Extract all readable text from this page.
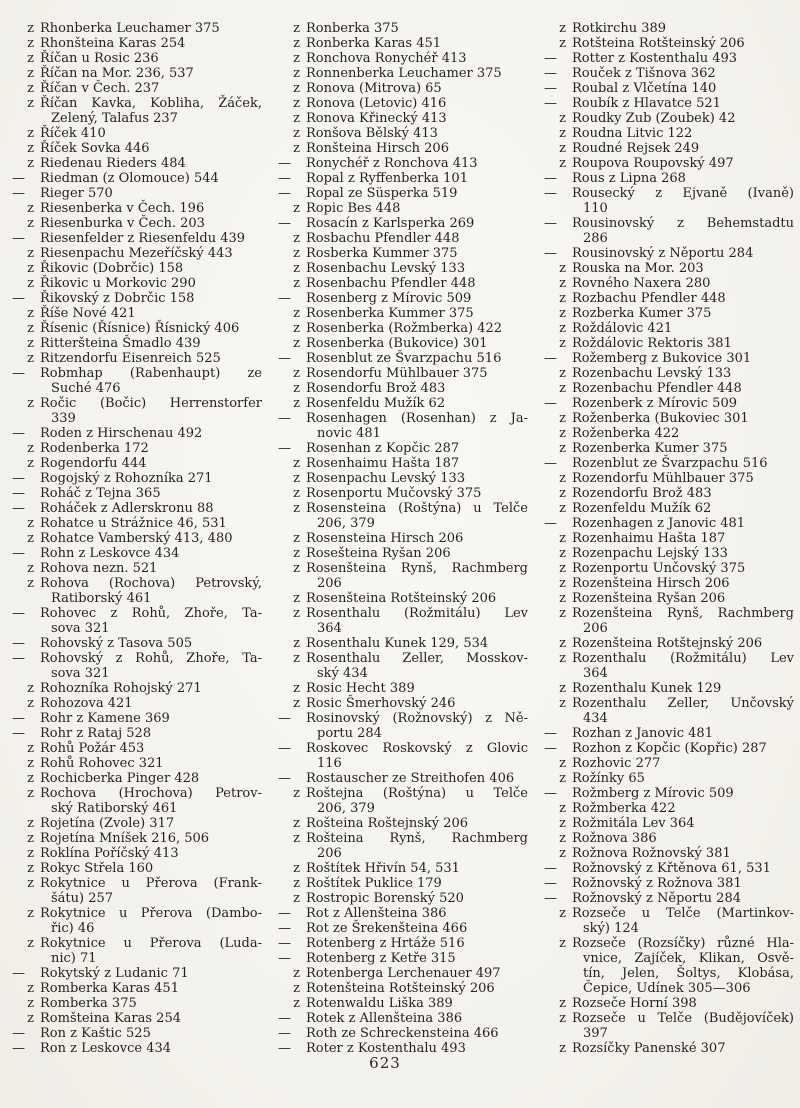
z Rhonberka Leuchamer 375
z Rhonšteina Karas 254
z Říčan u Rosic 236
z Říčan na Mor. 236, 537
z Říčan v Čech. 237
z Říčan Kavka, Kobliha, Žáček,
Zelený, Talafus 237
z Říček 410
z Říček Sovka 446
z Riedenau Rieders 484
—	Riedman (z Olomouce) 544
—	Rieger 570
z Riesenberka v Čech. 196
z Riesenburka v Čech. 203
—	Riesenfelder z Riesenfeldu 439
z Riesenpachu Mezeříčský 443
z Řikovic (Dobrčic) 158
z Řikovic u Morkovic 290
—	Řikovský z Dobrčic 158
z Říše Nové 421
z Řísenic (Řísnice) Řísnický 406
z Ritteršteina Šmadlo 439
z Ritzendorfu Eisenreich 525
—	Robmhap (Rabenhaupt) ze
Suché 476
z Ročic (Bočic) Herrenstorfer
339
—	Roden z Hirschenau 492
z Rodenberka 172
z Rogendorfu 444
—	Rogojský z Rohozníka 271
—	Roháč z Tejna 365
—	Roháček z Adlerskronu 88
z Rohatce u Strážnice 46, 531
z Rohatce Vamberský 413, 480
—	Rohn z Leskovce 434
z Rohova nezn. 521
z Rohova (Rochova) Petrovský,
Ratiborský 461
—	Rohovec z Rohů, Zhoře, Ta-
sova 321
—	Rohovský z Tasova 505
—	Rohovský z Rohů, Zhoře, Ta-
sova 321
z Rohozníka Rohojský 271
z Rohozova 421
—	Rohr z Kamene 369
—	Rohr z Rataj 528
z Rohů Požár 453
z Rohů Rohovec 321
z Rochicberka Pinger 428
z Rochova (Hrochova) Petrov-
ský Ratiborský 461
z Rojetína (Zvole) 317
z Rojetína Mníšek 216, 506
z Roklína Poříčský 413
z Rokyc Střela 160
z Rokytnice u Přerova (Frank-
šátu) 257
z Rokytnice u Přerova (Dambo-
řic) 46
z Rokytnice u Přerova (Luda-
nic) 71
—	Rokytský z Ludanic 71
z Romberka Karas 451
z Romberka 375
z Romšteina Karas 254
—	Ron z Kaštic 525
—	Ron z Leskovce 434
z Ronberka 375
z Ronberka Karas 451
z Ronchova Ronychéř 413
z Ronnenberka Leuchamer 375
z Ronova (Mitrova) 65
z Ronova (Letovic) 416
z Ronova Křinecký 413
z Ronšova Bělský 413
z Ronšteina Hirsch 206
—	Ronychéř z Ronchova 413
—	Ropal z Ryffenberka 101
—	Ropal ze Süsperka 519
z Ropic Bes 448
—	Rosacín z Karlsperka 269
z Rosbachu Pfendler 448
z Rosberka Kummer 375
z Rosenbachu Levský 133
z Rosenbachu Pfendler 448
—	Rosenberg z Mírovic 509
z Rosenberka Kummer 375
z Rosenberka (Rožmberka) 422
z Rosenberka (Bukovice) 301
—	Rosenblut ze Švarzpachu 516
z Rosendorfu Mühlbauer 375
z Rosendorfu Brož 483
z Rosenfeldu Mužík 62
—	Rosenhagen (Rosenhan) z Ja-
novic 481
—	Rosenhan z Kopčic 287
z Rosenhaimu Hašta 187
z Rosenpachu Levský 133
z Rosenportu Mučovský 375
z Rosensteina (Roštýna) u Telče
206, 379
z Rosensteina Hirsch 206
z Rosešteina Ryšan 206
z Rosenšteina Rynš, Rachmberg
206
z Rosenšteina Rotšteinský 206
z Rosenthalu (Rožmitálu) Lev
364
z Rosenthalu Kunek 129, 534
z Rosenthalu Zeller, Mosskov-
ský 434
z Rosic Hecht 389
z Rosic Šmerhovský 246
—	Rosinovský (Rožnovský) z Ně-
portu 284
—	Roskovec Roskovský z Glovic
116
—	Rostauscher ze Streithofen 406
z Roštejna (Roštýna) u Telče
206, 379
z Rošteina Roštejnský 206
z Rošteina Rynš, Rachmberg
206
z Roštítek Hřivín 54, 531
z Roštítek Puklice 179
z Rostropic Borenský 520
—	Rot z Allenšteina 386
—	Rot ze Šrekenšteina 466
—	Rotenberg z Hrtáže 516
—	Rotenberg z Ketře 315
z Rotenberga Lerchenauer 497
z Rotenšteina Rotšteinský 206
z Rotenwaldu Liška 389
—	Rotek z Allenšteina 386
—	Roth ze Schreckensteina 466
—	Roter z Kostenthalu 493
z Rotkirchu 389
z Rotšteina Rotšteinský 206
—	Rotter z Kostenthalu 493
—	Rouček z Tišnova 362
—	Roubal z Vlčetína 140
—	Roubík z Hlavatce 521
z Roudky Zub (Zoubek) 42
z Roudna Litvic 122
z Roudné Rejsek 249
z Roupova Roupovský 497
—	Rous z Lipna 268
—	Rousecký z Ejvaně (Ivaně)
110
—	Rousinovský z Behemstadtu
286
—	Rousinovský z Něportu 284
z Rouska na Mor. 203
z Rovného Naxera 280
z Rozbachu Pfendler 448
z Rozberka Kumer 375
z Roždálovic 421
z Roždálovic Rektoris 381
—	Rožemberg z Bukovice 301
z Rozenbachu Levský 133
z Rozenbachu Pfendler 448
—	Rozenberk z Mírovic 509
z Roženberka (Bukoviec 301
z Roženberka 422
z Rozenberka Kumer 375
—	Rozenblut ze Švarzpachu 516
z Rozendorfu Mühlbauer 375
z Rozendorfu Brož 483
z Rozenfeldu Mužík 62
—	Rozenhagen z Janovic 481
z Rozenhaimu Hašta 187
z Rozenpachu Lejský 133
z Rozenportu Unčovský 375
z Rozenšteina Hirsch 206
z Rozenšteina Ryšan 206
z Rozenšteina Rynš, Rachmberg
206
z Rozenšteina Rotštejnský 206
z Rozenthalu (Rožmitálu) Lev
364
z Rozenthalu Kunek 129
z Rozenthalu Zeller, Unčovský
434
—	Rozhan z Janovic 481
—	Rozhon z Kopčic (Kopřic) 287
z Rozhovic 277
z Rožínky 65
—	Rožmberg z Mírovic 509
z Rožmberka 422
z Rožmitála Lev 364
z Rožnova 386
z Rožnova Rožnovský 381
—	Rožnovský z Křtěnova 61, 531
—	Rožnovský z Rožnova 381
—	Rožnovský z Něportu 284
z Rozseče u Telče (Martinkov-
ský) 124
z Rozseče (Rozsíčky) různé Hla-
vnice, Zajíček, Klikan, Osvě-
tín, Jelen, Šoltys, Klobása,
Čepice, Udínek 305—306
z Rozseče Horní 398
z Rozseče u Telče (Budějovíček)
397
z Rozsíčky Panenské 307
623
